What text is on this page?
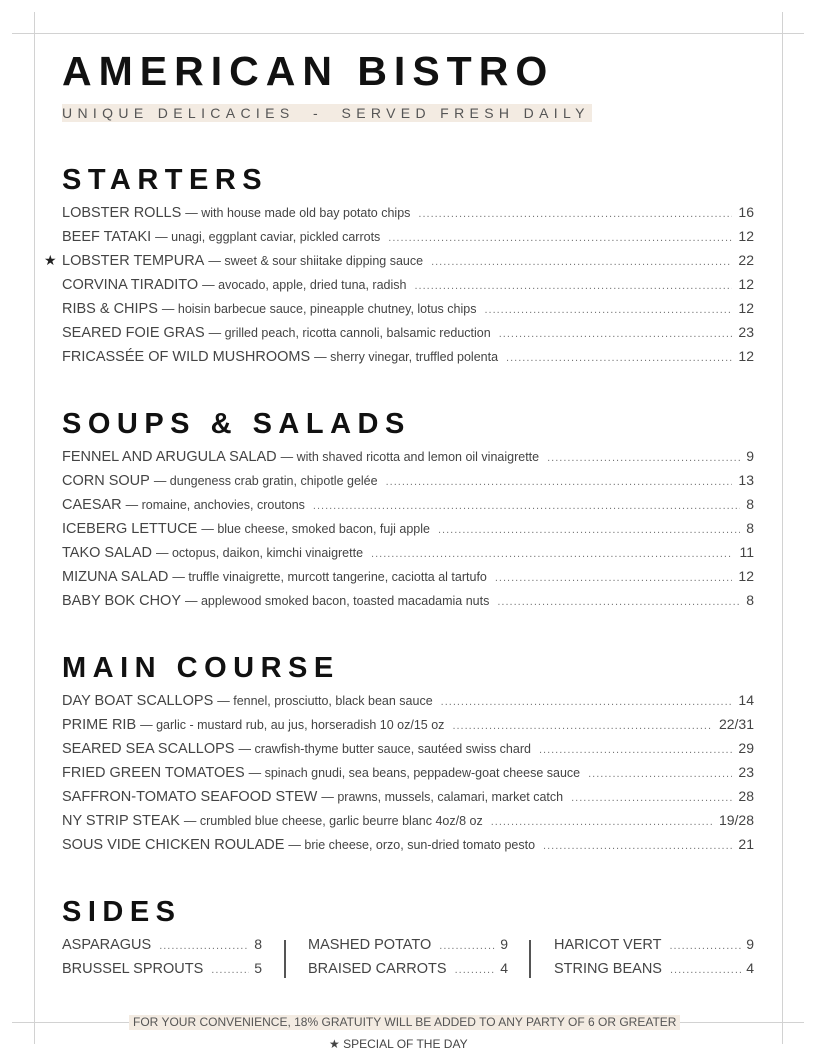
AMERICAN BISTRO
UNIQUE DELICACIES  -  SERVED FRESH DAILY
STARTERS
LOBSTER ROLLS — with house made old bay potato chips .....	16
BEEF TATAKI — unagi, eggplant caviar, pickled carrots .....	12
★ LOBSTER TEMPURA — sweet & sour shiitake dipping sauce .....	22
CORVINA TIRADITO — avocado, apple, dried tuna, radish .....	12
RIBS & CHIPS — hoisin barbecue sauce, pineapple chutney, lotus chips .....	12
SEARED FOIE GRAS — grilled peach, ricotta cannoli, balsamic reduction .....	23
FRICASSÉE OF WILD MUSHROOMS — sherry vinegar, truffled polenta .....	12
SOUPS & SALADS
FENNEL AND ARUGULA SALAD — with shaved ricotta and lemon oil vinaigrette .....	9
CORN SOUP — dungeness crab gratin, chipotle gelée .....	13
CAESAR — romaine, anchovies, croutons .....	8
ICEBERG LETTUCE — blue cheese, smoked bacon, fuji apple .....	8
TAKO SALAD — octopus, daikon, kimchi vinaigrette .....	11
MIZUNA SALAD — truffle vinaigrette, murcott tangerine, caciotta al tartufo .....	12
BABY BOK CHOY — applewood smoked bacon, toasted macadamia nuts .....	8
MAIN COURSE
DAY BOAT SCALLOPS — fennel, prosciutto, black bean sauce .....	14
PRIME RIB — garlic - mustard rub, au jus, horseradish 10 oz/15 oz .....	22/31
SEARED SEA SCALLOPS — crawfish-thyme butter sauce, sautéed swiss chard .....	29
FRIED GREEN TOMATOES — spinach gnudi, sea beans, peppadew-goat cheese sauce .....	23
SAFFRON-TOMATO SEAFOOD STEW — prawns, mussels, calamari, market catch .....	28
NY STRIP STEAK — crumbled blue cheese, garlic beurre blanc 4oz/8 oz .....	19/28
SOUS VIDE CHICKEN ROULADE — brie cheese, orzo, sun-dried tomato pesto .....	21
SIDES
ASPARAGUS .....	8
BRUSSEL SPROUTS .....	5
MASHED POTATO .....	9
BRAISED CARROTS .....	4
HARICOT VERT .....	9
STRING BEANS .....	4
FOR YOUR CONVENIENCE, 18% GRATUITY WILL BE ADDED TO ANY PARTY OF 6 OR GREATER
★ SPECIAL OF THE DAY
